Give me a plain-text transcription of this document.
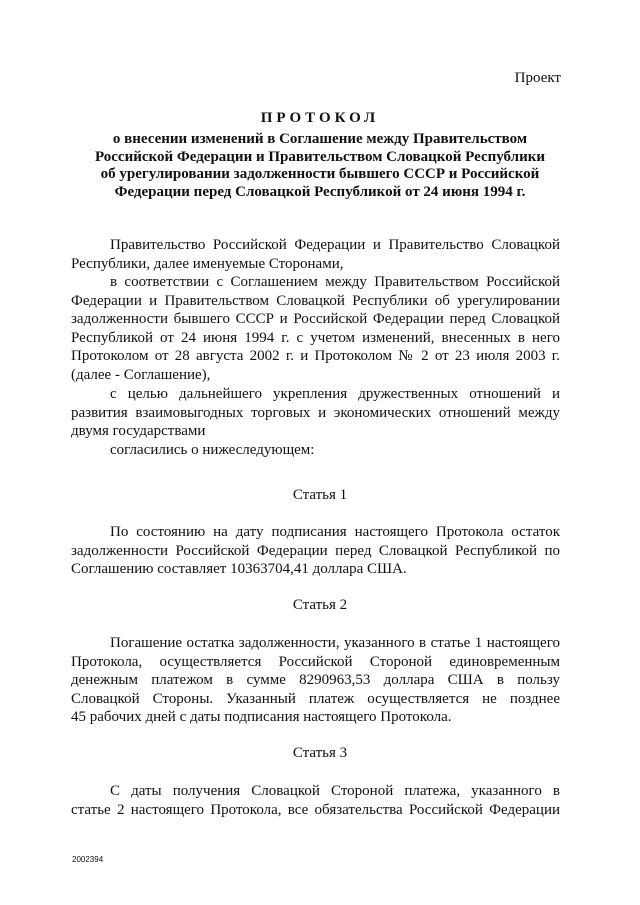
Проект
ПРОТОКОЛ
о внесении изменений в Соглашение между Правительством
Российской Федерации и Правительством Словацкой Республики
об урегулировании задолженности бывшего СССР и Российской
Федерации перед Словацкой Республикой от 24 июня 1994 г.
Правительство Российской Федерации и Правительство Словацкой
Республики, далее именуемые Сторонами,
в соответствии с Соглашением между Правительством Российской
Федерации и Правительством Словацкой Республики об урегулировании
задолженности бывшего СССР и Российской Федерации перед Словацкой
Республикой от 24 июня 1994 г. с учетом изменений, внесенных в него
Протоколом от 28 августа 2002 г. и Протоколом № 2 от 23 июля 2003 г.
(далее - Соглашение),
с целью дальнейшего укрепления дружественных отношений и
развития взаимовыгодных торговых и экономических отношений между
двумя государствами
согласились о нижеследующем:
Статья 1
По состоянию на дату подписания настоящего Протокола остаток
задолженности Российской Федерации перед Словацкой Республикой по
Соглашению составляет 10363704,41 доллара США.
Статья 2
Погашение остатка задолженности, указанного в статье 1 настоящего
Протокола, осуществляется Российской Стороной единовременным
денежным платежом в сумме 8290963,53 доллара США в пользу
Словацкой Стороны. Указанный платеж осуществляется не позднее
45 рабочих дней с даты подписания настоящего Протокола.
Статья 3
С даты получения Словацкой Стороной платежа, указанного в
статье 2 настоящего Протокола, все обязательства Российской Федерации
2002394
